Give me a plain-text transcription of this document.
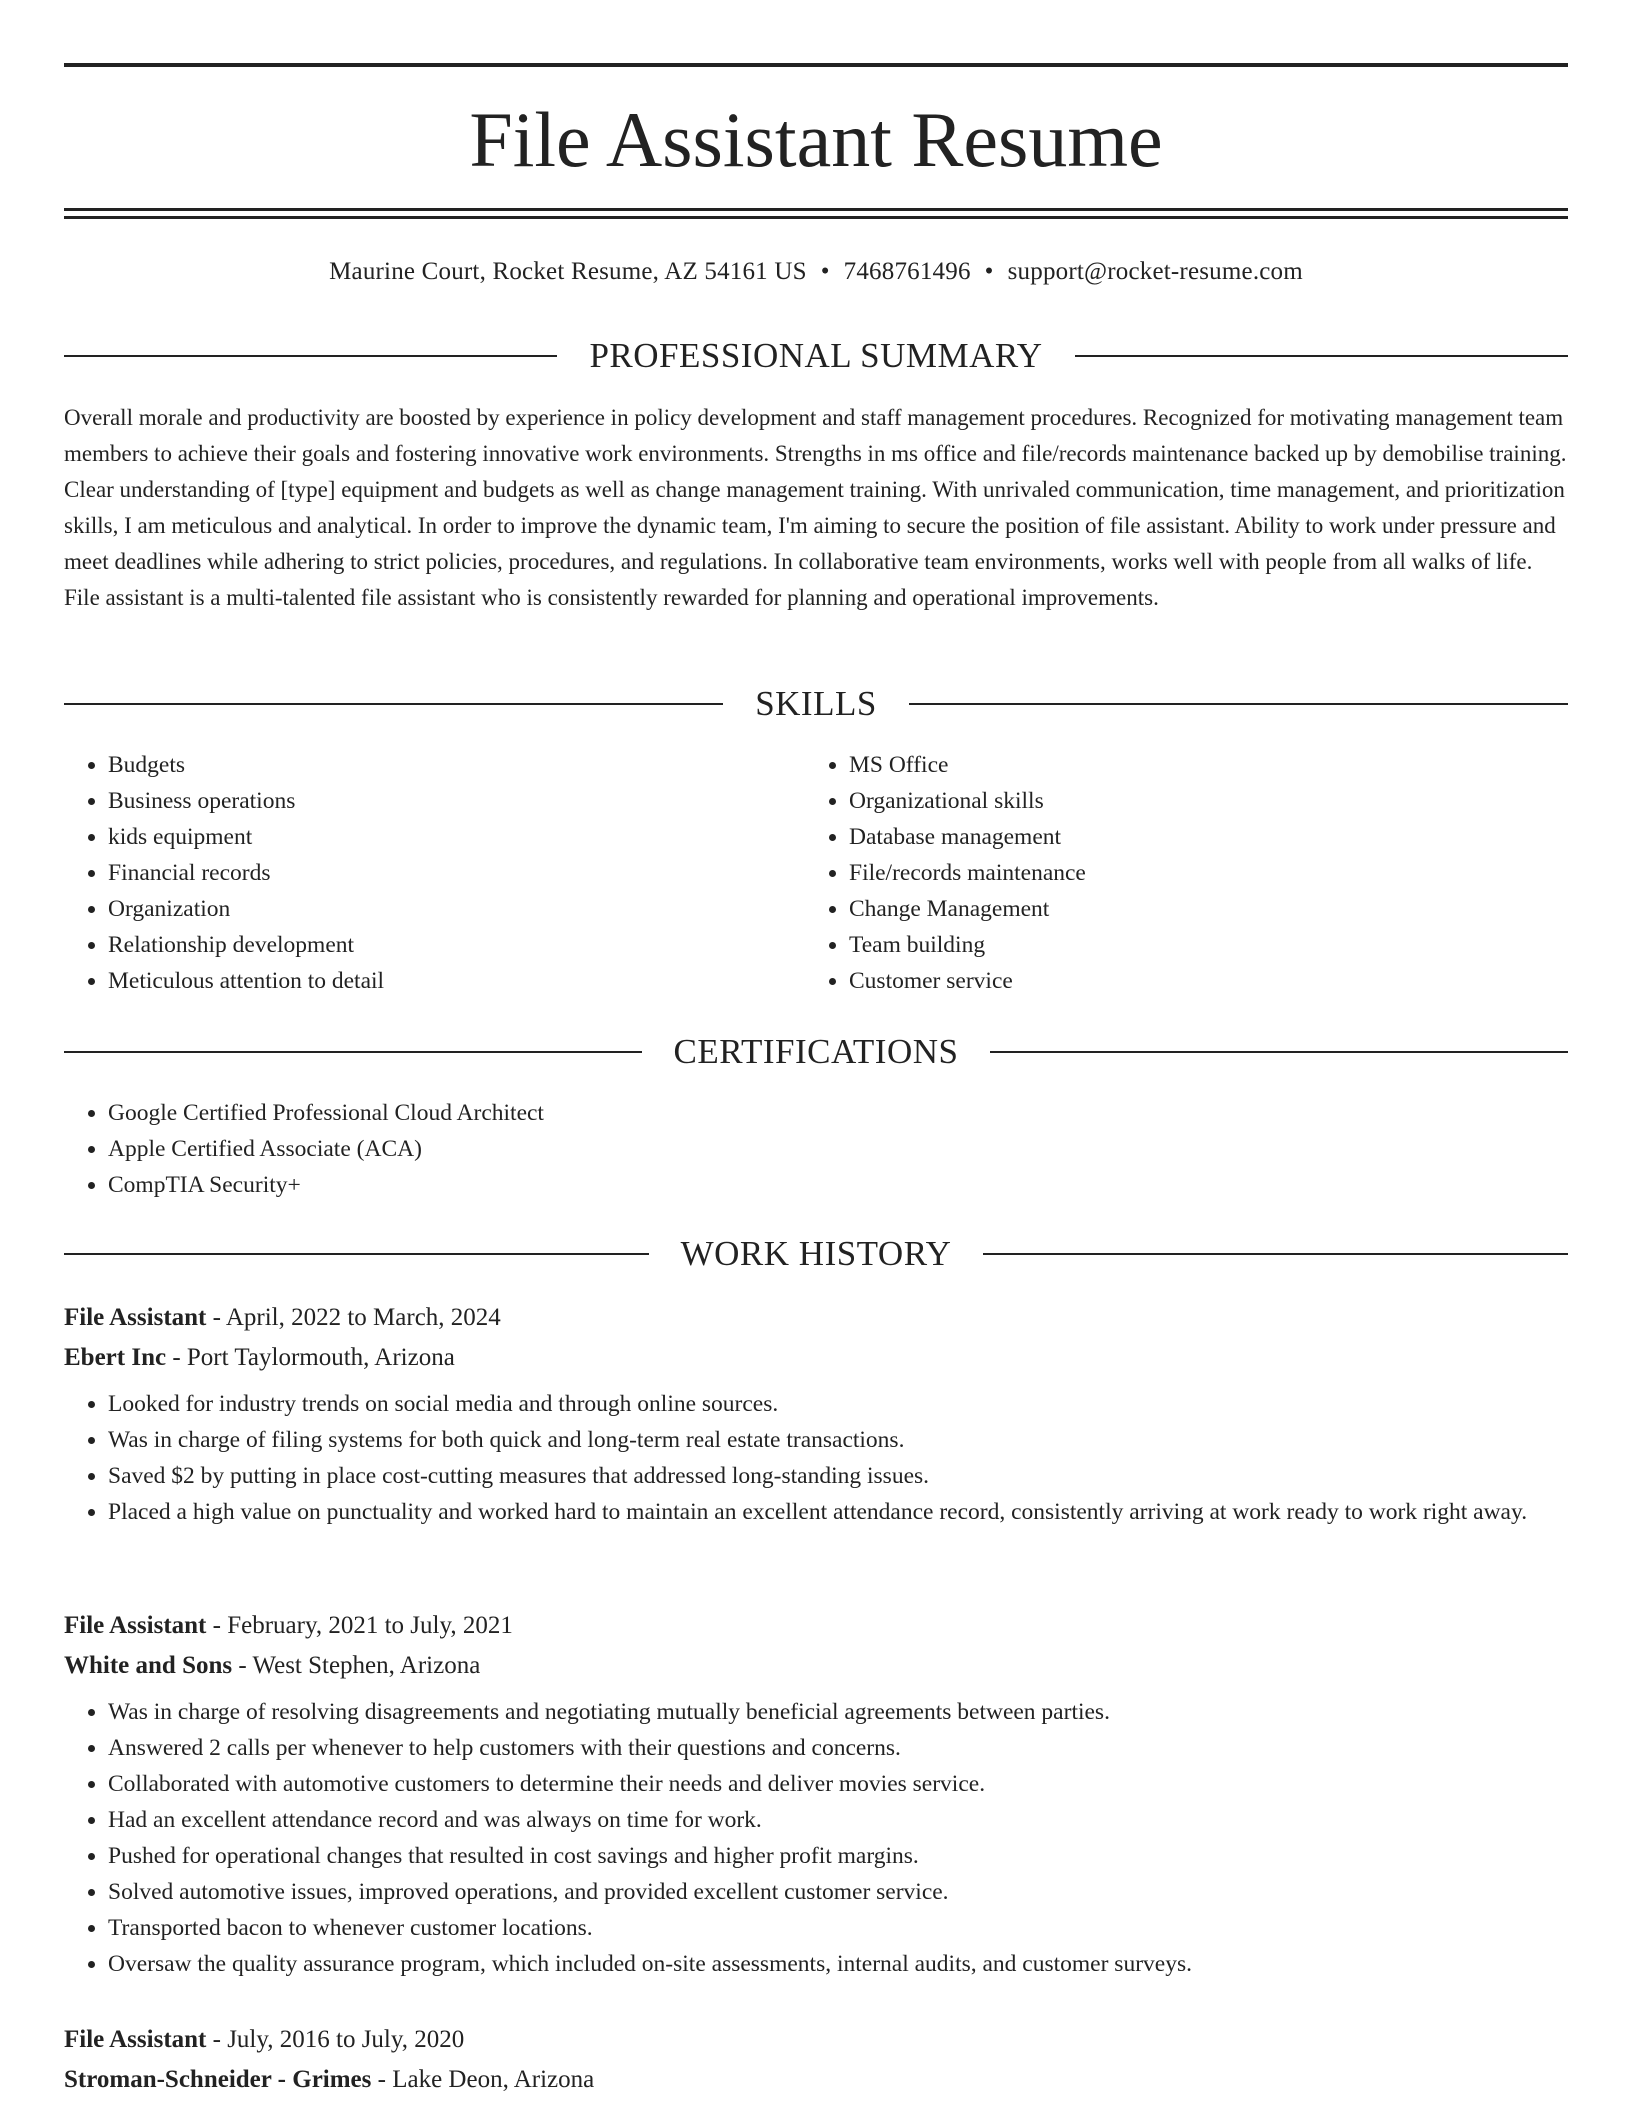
File Assistant Resume
Maurine Court, Rocket Resume, AZ 54161 US • 7468761496 • support@rocket-resume.com
PROFESSIONAL SUMMARY

Overall morale and productivity are boosted by experience in policy development and staff management procedures. Recognized for motivating management team members to achieve their goals and fostering innovative work environments. Strengths in ms office and file/records maintenance backed up by demobilise training. Clear understanding of [type] equipment and budgets as well as change management training. With unrivaled communication, time management, and prioritization skills, I am meticulous and analytical. In order to improve the dynamic team, I'm aiming to secure the position of file assistant. Ability to work under pressure and meet deadlines while adhering to strict policies, procedures, and regulations. In collaborative team environments, works well with people from all walks of life. File assistant is a multi-talented file assistant who is consistently rewarded for planning and operational improvements.

SKILLS
• Budgets
• Business operations
• kids equipment
• Financial records
• Organization
• Relationship development
• Meticulous attention to detail
• MS Office
• Organizational skills
• Database management
• File/records maintenance
• Change Management
• Team building
• Customer service
CERTIFICATIONS
• Google Certified Professional Cloud Architect
• Apple Certified Associate (ACA)
• CompTIA Security+
WORK HISTORY

File Assistant - April, 2022 to March, 2024

Ebert Inc - Port Taylormouth, Arizona

• Looked for industry trends on social media and through online sources.
• Was in charge of filing systems for both quick and long-term real estate transactions.
• Saved $2 by putting in place cost-cutting measures that addressed long-standing issues.
• Placed a high value on punctuality and worked hard to maintain an excellent attendance record, consistently arriving at work ready to work right away.

File Assistant - February, 2021 to July, 2021

White and Sons - West Stephen, Arizona

• Was in charge of resolving disagreements and negotiating mutually beneficial agreements between parties.
• Answered 2 calls per whenever to help customers with their questions and concerns.
• Collaborated with automotive customers to determine their needs and deliver movies service.
• Had an excellent attendance record and was always on time for work.
• Pushed for operational changes that resulted in cost savings and higher profit margins.
• Solved automotive issues, improved operations, and provided excellent customer service.
• Transported bacon to whenever customer locations.
• Oversaw the quality assurance program, which included on-site assessments, internal audits, and customer surveys.

File Assistant - July, 2016 to July, 2020

Stroman-Schneider - Grimes - Lake Deon, Arizona
